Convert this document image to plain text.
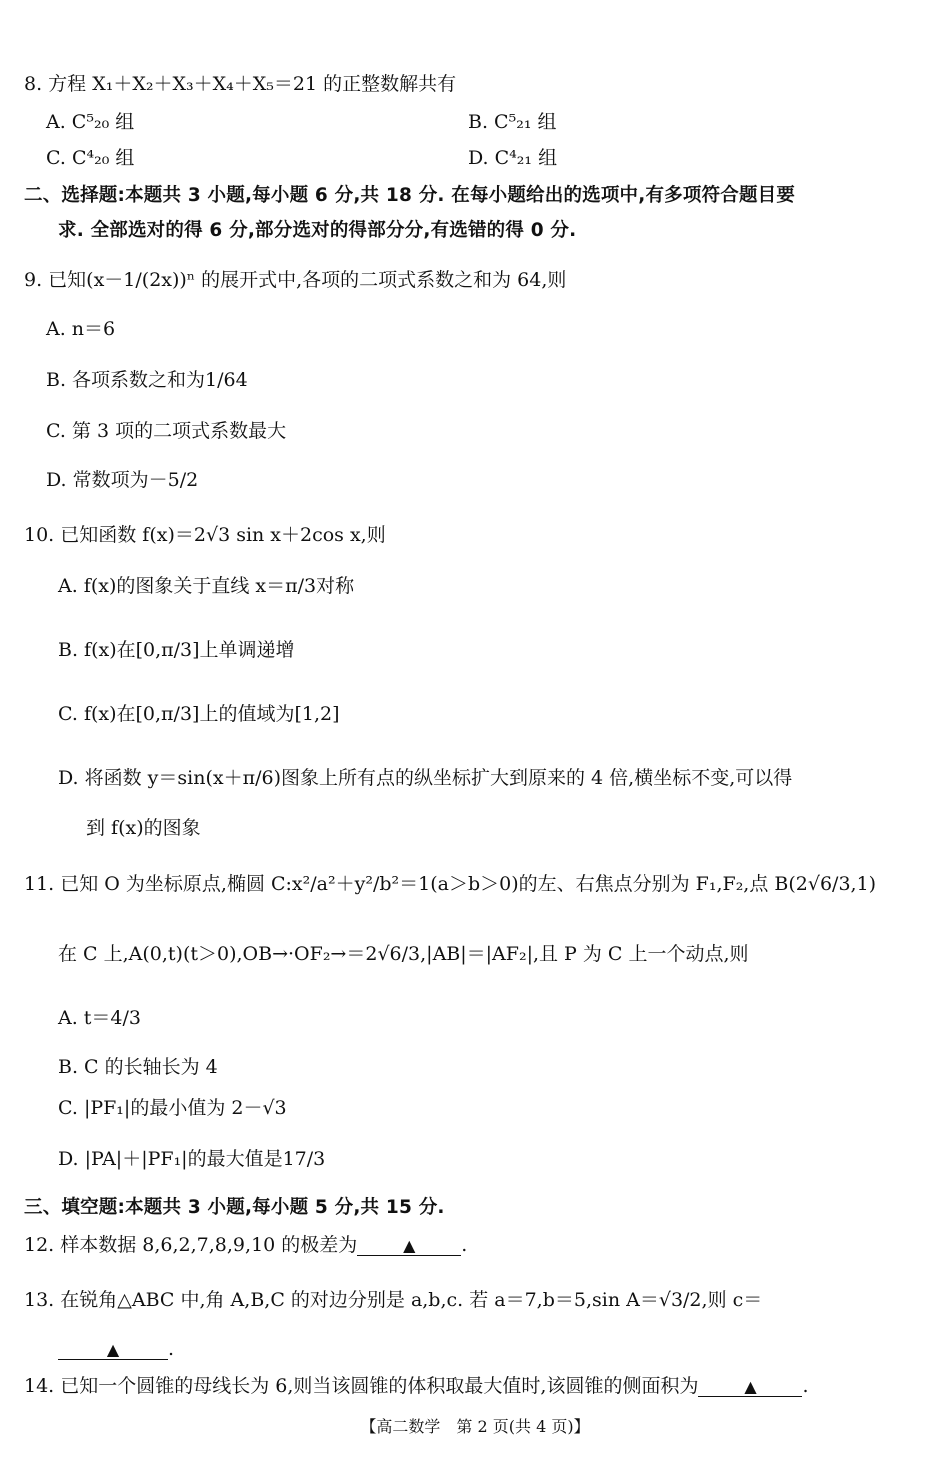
8. 方程 X₁＋X₂＋X₃＋X₄＋X₅＝21 的正整数解共有
A. C⁵₂₀ 组	B. C⁵₂₁ 组
C. C⁴₂₀ 组	D. C⁴₂₁ 组
二、选择题:本题共 3 小题,每小题 6 分,共 18 分. 在每小题给出的选项中,有多项符合题目要
求. 全部选对的得 6 分,部分选对的得部分分,有选错的得 0 分.
9. 已知(x－1/(2x))ⁿ 的展开式中,各项的二项式系数之和为 64,则
A. n＝6
B. 各项系数之和为1/64
C. 第 3 项的二项式系数最大
D. 常数项为－5/2
10. 已知函数 f(x)＝2√3 sin x＋2cos x,则
A. f(x)的图象关于直线 x＝π/3对称
B. f(x)在[0,π/3]上单调递增
C. f(x)在[0,π/3]上的值域为[1,2]
D. 将函数 y＝sin(x＋π/6)图象上所有点的纵坐标扩大到原来的 4 倍,横坐标不变,可以得
到 f(x)的图象
11. 已知 O 为坐标原点,椭圆 C:x²/a²＋y²/b²＝1(a＞b＞0)的左、右焦点分别为 F₁,F₂,点 B(2√6/3,1)
在 C 上,A(0,t)(t＞0),OB→·OF₂→＝2√6/3,|AB|＝|AF₂|,且 P 为 C 上一个动点,则
A. t＝4/3
B. C 的长轴长为 4
C. |PF₁|的最小值为 2－√3
D. |PA|＋|PF₁|的最大值是17/3
三、填空题:本题共 3 小题,每小题 5 分,共 15 分.
12. 样本数据 8,6,2,7,8,9,10 的极差为	▲ .
13. 在锐角△ABC 中,角 A,B,C 的对边分别是 a,b,c. 若 a＝7,b＝5,sin A＝√3/2,则 c＝
▲	.
14. 已知一个圆锥的母线长为 6,则当该圆锥的体积取最大值时,该圆锥的侧面积为	▲ .
【高二数学　第 2 页(共 4 页)】
